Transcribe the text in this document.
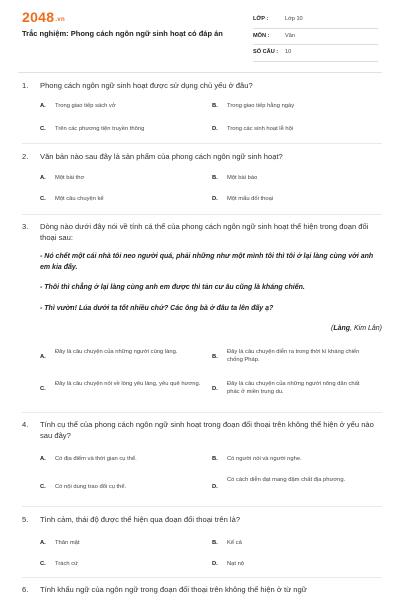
2048.vn
Trắc nghiệm: Phong cách ngôn ngữ sinh hoạt có đáp án
LỚP :	Lớp 10
MÔN :	Văn
SỐ CÂU : 10
1. Phong cách ngôn ngữ sinh hoạt được sử dụng chủ yếu ở đâu?
A. Trong giao tiếp sách vở	B. Trong giao tiếp hằng ngày
C. Trên các phương tiện truyền thông	D. Trong các sinh hoạt lễ hội
2. Văn bản nào sau đây là sản phẩm của phong cách ngôn ngữ sinh hoạt?
A. Một bài thơ	B. Một bài báo
C. Một câu chuyện kể	D. Một mẩu đối thoại
3. Dòng nào dưới đây nói về tính cá thể của phong cách ngôn ngữ sinh hoạt thể hiện trong đoạn đối thoại sau:
- Nó chết một cái nhà tôi neo người quá, phải những như một mình tôi thì tôi ở lại làng cùng với anh em kia đấy.
- Thôi thì chẳng ở lại làng cùng anh em được thì tản cư âu cũng là kháng chiến.
- Thì vườn! Lúa dưới ta tốt nhiều chứ? Các ông bà ở đâu ta lên đấy ạ?
(Làng, Kim Lân)
A.
Đây là câu chuyện của những người cùng làng.
B.
Đây là câu chuyện diễn ra trong thời kì kháng chiến chống Pháp.
C.
Đây là câu chuyện nói về lòng yêu làng, yêu quê hương.
D.
Đây là câu chuyện của những người nông dân chất phác ở miền trung du.
4. Tính cụ thể của phong cách ngôn ngữ sinh hoạt trong đoạn đối thoại trên không thể hiện ở yếu nào sau đây?
A. Có địa điểm và thời gian cụ thể.	B. Có người nói và người nghe.
C. Có nội dung trao đổi cụ thể.	D.
Có cách diễn đạt mang đậm chất địa phương.
5. Tình cảm, thái độ được thể hiện qua đoạn đối thoại trên là?
A. Thân mật	B. Kể cả
C. Trách cứ	D. Nạt nộ
6. Tính khẩu ngữ của ngôn ngữ trong đoạn đối thoại trên không thể hiện ở từ ngữ
